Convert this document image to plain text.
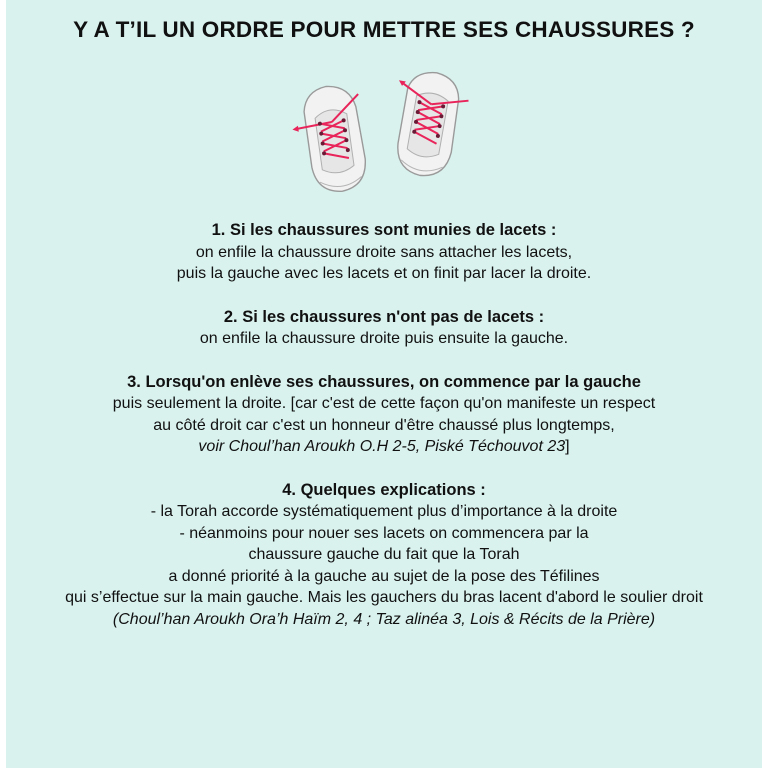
Y A T’IL UN ORDRE POUR METTRE SES CHAUSSURES ?
1. Si les chaussures sont munies de lacets :
on enfile la chaussure droite sans attacher les lacets,
puis la gauche avec les lacets et on finit par lacer la droite.
2. Si les chaussures n'ont pas de lacets :
on enfile la chaussure droite puis ensuite la gauche.
3. Lorsqu'on enlève ses chaussures, on commence par la gauche
puis seulement la droite. [car c'est de cette façon qu'on manifeste un respect
au côté droit car c'est un honneur d'être chaussé plus longtemps,
voir Choul’han Aroukh O.H 2-5, Piské Téchouvot 23]
4. Quelques explications :
- la Torah accorde systématiquement plus d’importance à la droite
- néanmoins pour nouer ses lacets on commencera par la
chaussure gauche du fait que la Torah
a donné priorité à la gauche au sujet de la pose des Téfilines
qui s’effectue sur la main gauche. Mais les gauchers du bras lacent d'abord le soulier droit
(Choul’han Aroukh Ora’h Haïm 2, 4 ; Taz alinéa 3, Lois & Récits de la Prière)
